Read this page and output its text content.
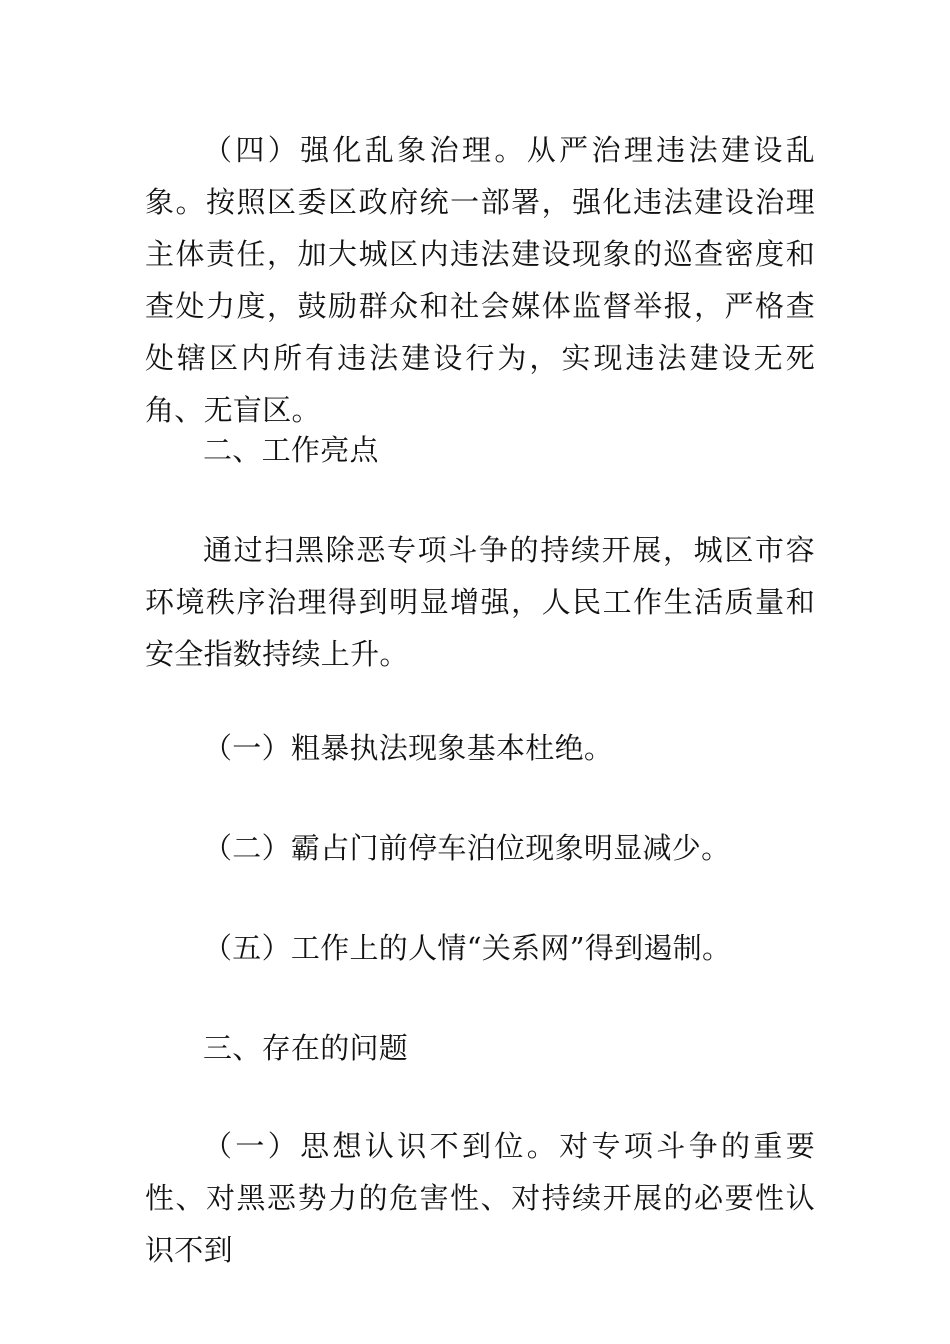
（四）强化乱象治理。从严治理违法建设乱象。按照区委区政府统一部署，强化违法建设治理主体责任，加大城区内违法建设现象的巡查密度和查处力度，鼓励群众和社会媒体监督举报，严格查处辖区内所有违法建设行为，实现违法建设无死角、无盲区。

二、工作亮点

通过扫黑除恶专项斗争的持续开展，城区市容环境秩序治理得到明显增强，人民工作生活质量和安全指数持续上升。

（一）粗暴执法现象基本杜绝。

（二）霸占门前停车泊位现象明显减少。

（五）工作上的人情“关系网”得到遏制。

三、存在的问题

（一）思想认识不到位。对专项斗争的重要性、对黑恶势力的危害性、对持续开展的必要性认识不到
